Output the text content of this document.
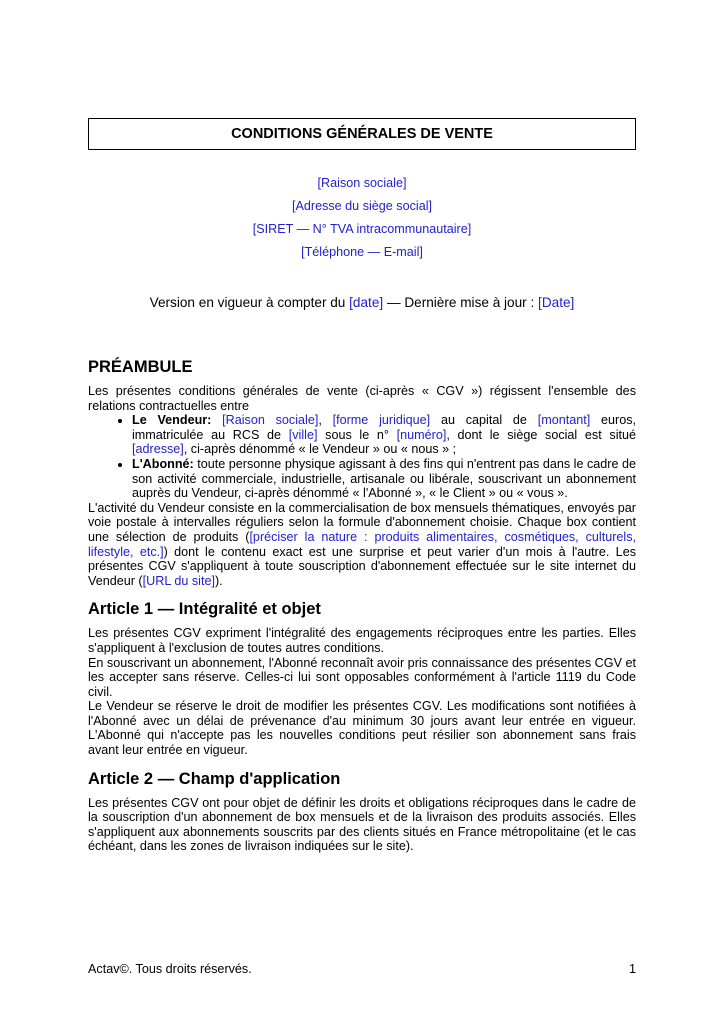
CONDITIONS GÉNÉRALES DE VENTE
[Raison sociale]
[Adresse du siège social]
[SIRET — N° TVA intracommunautaire]
[Téléphone — E-mail]
Version en vigueur à compter du [date] — Dernière mise à jour : [Date]
PRÉAMBULE

Les présentes conditions générales de vente (ci-après « CGV ») régissent l'ensemble des relations contractuelles entre

• Le Vendeur: [Raison sociale], [forme juridique] au capital de [montant] euros, immatriculée au RCS de [ville] sous le n° [numéro], dont le siège social est situé [adresse], ci-après dénommé « le Vendeur » ou « nous » ;
• L'Abonné: toute personne physique agissant à des fins qui n'entrent pas dans le cadre de son activité commerciale, industrielle, artisanale ou libérale, souscrivant un abonnement auprès du Vendeur, ci-après dénommé « l'Abonné », « le Client » ou « vous ».

L'activité du Vendeur consiste en la commercialisation de box mensuels thématiques, envoyés par voie postale à intervalles réguliers selon la formule d'abonnement choisie. Chaque box contient une sélection de produits ([préciser la nature : produits alimentaires, cosmétiques, culturels, lifestyle, etc.]) dont le contenu exact est une surprise et peut varier d'un mois à l'autre. Les présentes CGV s'appliquent à toute souscription d'abonnement effectuée sur le site internet du Vendeur ([URL du site]).

Article 1 — Intégralité et objet

Les présentes CGV expriment l'intégralité des engagements réciproques entre les parties. Elles s'appliquent à l'exclusion de toutes autres conditions.

En souscrivant un abonnement, l'Abonné reconnaît avoir pris connaissance des présentes CGV et les accepter sans réserve. Celles-ci lui sont opposables conformément à l'article 1119 du Code civil.

Le Vendeur se réserve le droit de modifier les présentes CGV. Les modifications sont notifiées à l'Abonné avec un délai de prévenance d'au minimum 30 jours avant leur entrée en vigueur. L'Abonné qui n'accepte pas les nouvelles conditions peut résilier son abonnement sans frais avant leur entrée en vigueur.

Article 2 — Champ d'application

Les présentes CGV ont pour objet de définir les droits et obligations réciproques dans le cadre de la souscription d'un abonnement de box mensuels et de la livraison des produits associés. Elles s'appliquent aux abonnements souscrits par des clients situés en France métropolitaine (et le cas échéant, dans les zones de livraison indiquées sur le site).

Actav©. Tous droits réservés.	1
